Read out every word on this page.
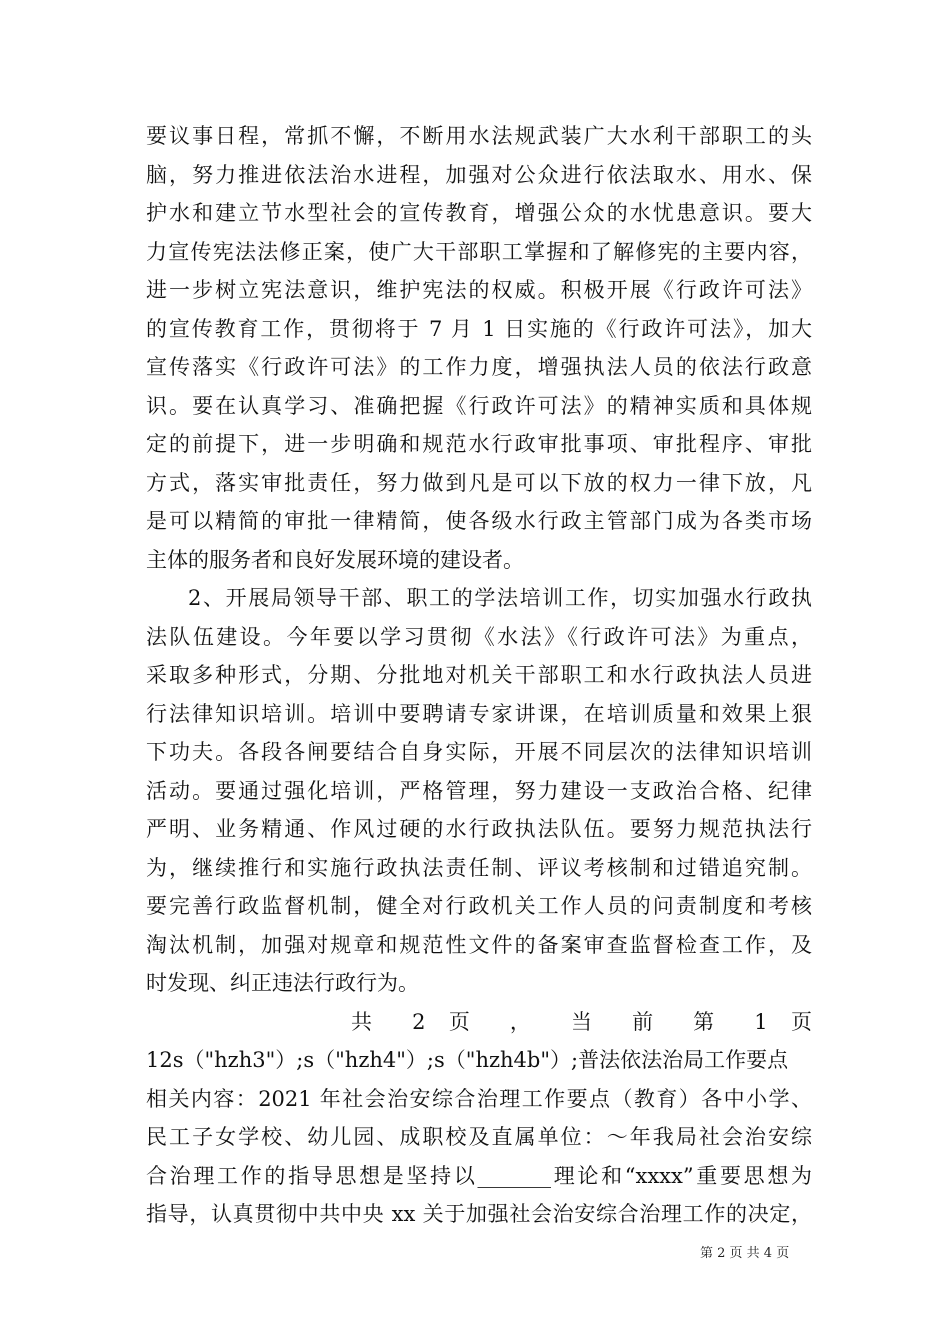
要议事日程，常抓不懈，不断用水法规武装广大水利干部职工的头
脑，努力推进依法治水进程，加强对公众进行依法取水、用水、保
护水和建立节水型社会的宣传教育，增强公众的水忧患意识。要大
力宣传宪法法修正案，使广大干部职工掌握和了解修宪的主要内容，
进一步树立宪法意识，维护宪法的权威。积极开展《行政许可法》
的宣传教育工作，贯彻将于 7 月 1 日实施的《行政许可法》，加大
宣传落实《行政许可法》的工作力度，增强执法人员的依法行政意
识。要在认真学习、准确把握《行政许可法》的精神实质和具体规
定的前提下，进一步明确和规范水行政审批事项、审批程序、审批
方式，落实审批责任，努力做到凡是可以下放的权力一律下放，凡
是可以精简的审批一律精简，使各级水行政主管部门成为各类市场
主体的服务者和良好发展环境的建设者。
2、开展局领导干部、职工的学法培训工作，切实加强水行政执
法队伍建设。今年要以学习贯彻《水法》《行政许可法》为重点，
采取多种形式，分期、分批地对机关干部职工和水行政执法人员进
行法律知识培训。培训中要聘请专家讲课，在培训质量和效果上狠
下功夫。各段各闸要结合自身实际，开展不同层次的法律知识培训
活动。要通过强化培训，严格管理，努力建设一支政治合格、纪律
严明、业务精通、作风过硬的水行政执法队伍。要努力规范执法行
为，继续推行和实施行政执法责任制、评议考核制和过错追究制。
要完善行政监督机制，健全对行政机关工作人员的问责制度和考核
淘汰机制，加强对规章和规范性文件的备案审查监督检查工作，及
时发现、纠正违法行政行为。
共 2 页 ， 当 前 第 1 页
12s（"hzh3"）;s（"hzh4"）;s（"hzh4b"）;普法依法治局工作要点
相关内容：2021 年社会治安综合治理工作要点（教育）各中小学、
民工子女学校、幼儿园、成职校及直属单位：～年我局社会治安综
合治理工作的指导思想是坚持以_______理论和“xxxx”重要思想为
指导，认真贯彻中共中央 xx 关于加强社会治安综合治理工作的决定，
第 2 页 共 4 页
